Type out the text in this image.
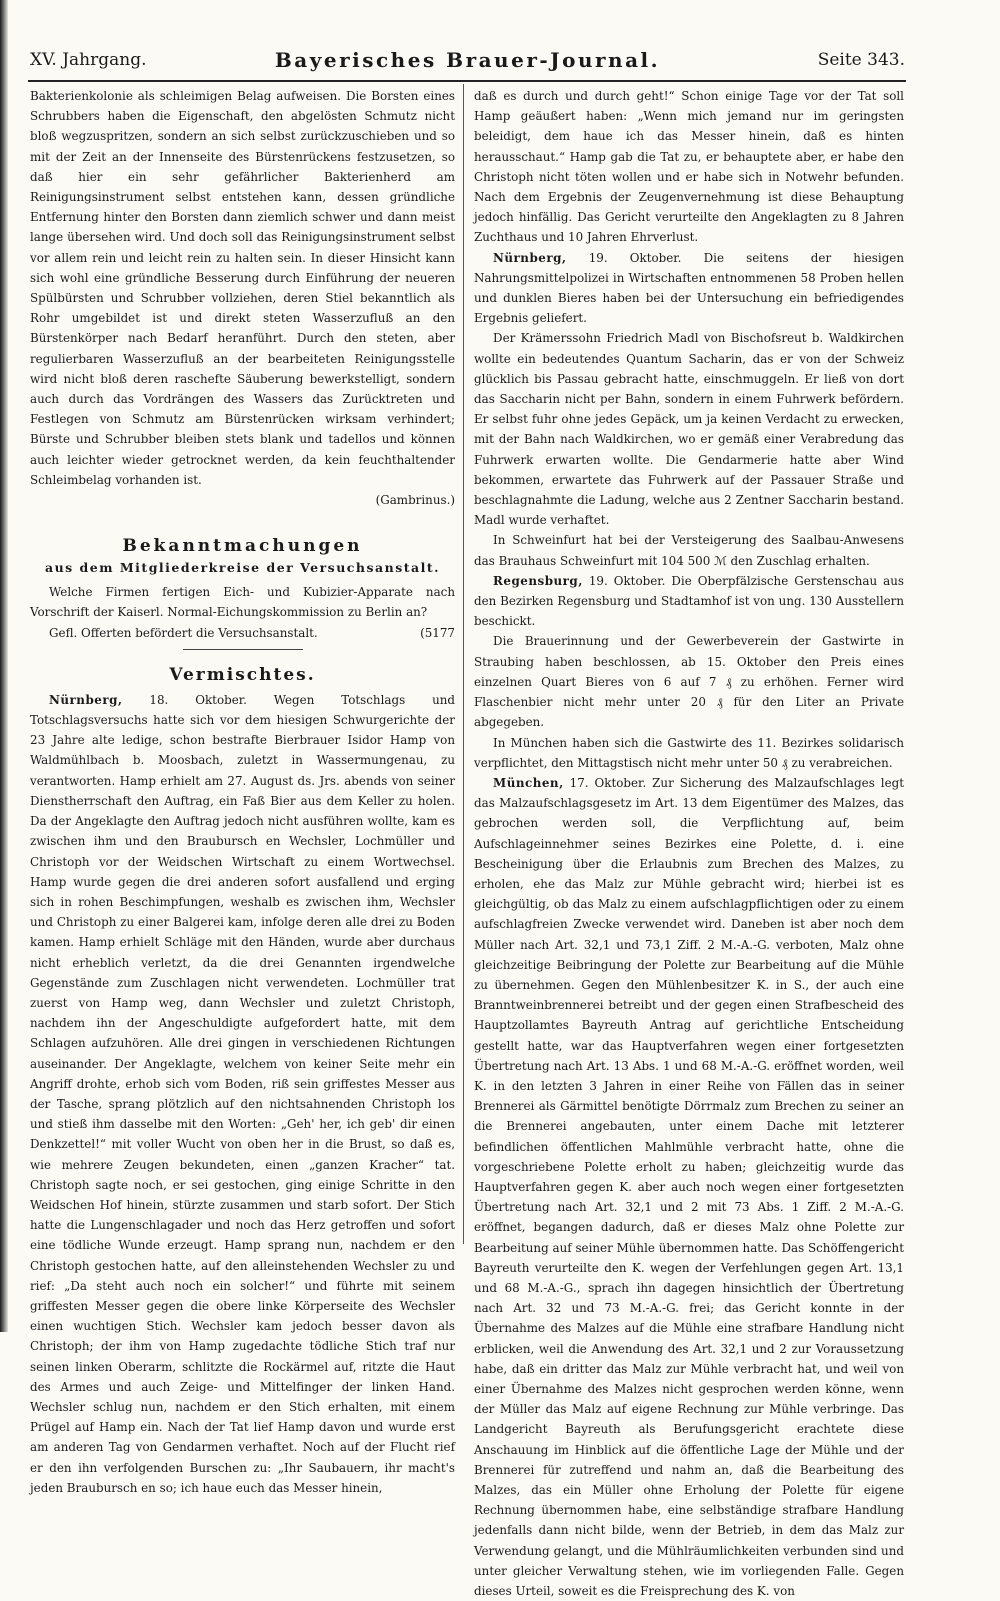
XV. Jahrgang.	Bayerisches Brauer-Journal.	Seite 343.

Bakterienkolonie als schleimigen Belag aufweisen. Die Borsten eines Schrubbers haben die Eigenschaft, den abgelösten Schmutz nicht bloß wegzuspritzen, sondern an sich selbst zurückzuschieben und so mit der Zeit an der Innenseite des Bürstenrückens festzusetzen, so daß hier ein sehr gefährlicher Bakterienherd am Reinigungsinstrument selbst entstehen kann, dessen gründliche Entfernung hinter den Borsten dann ziemlich schwer und dann meist lange übersehen wird. Und doch soll das Reinigungsinstrument selbst vor allem rein und leicht rein zu halten sein. In dieser Hinsicht kann sich wohl eine gründliche Besserung durch Einführung der neueren Spülbürsten und Schrubber vollziehen, deren Stiel bekanntlich als Rohr umgebildet ist und direkt steten Wasserzufluß an den Bürstenkörper nach Bedarf heranführt. Durch den steten, aber regulierbaren Wasserzufluß an der bearbeiteten Reinigungsstelle wird nicht bloß deren raschefte Säuberung bewerkstelligt, sondern auch durch das Vordrängen des Wassers das Zurücktreten und Festlegen von Schmutz am Bürstenrücken wirksam verhindert; Bürste und Schrubber bleiben stets blank und tadellos und können auch leichter wieder getrocknet werden, da kein feuchthaltender Schleimbelag vorhanden ist.
(Gambrinus.)

Bekanntmachungen
aus dem Mitgliederkreise der Versuchsanstalt.

Welche Firmen fertigen Eich- und Kubizier-Apparate nach Vorschrift der Kaiserl. Normal-Eichungskommission zu Berlin an?

Gefl. Offerten befördert die Versuchsanstalt.	(5177

Vermischtes.

Nürnberg, 18. Oktober. Wegen Totschlags und Totschlagsversuchs hatte sich vor dem hiesigen Schwurgerichte der 23 Jahre alte ledige, schon bestrafte Bierbrauer Isidor Hamp von Waldmühlbach b. Moosbach, zuletzt in Wassermungenau, zu verantworten. Hamp erhielt am 27. August ds. Jrs. abends von seiner Dienstherrschaft den Auftrag, ein Faß Bier aus dem Keller zu holen. Da der Angeklagte den Auftrag jedoch nicht ausführen wollte, kam es zwischen ihm und den Braubursch en Wechsler, Lochmüller und Christoph vor der Weidschen Wirtschaft zu einem Wortwechsel. Hamp wurde gegen die drei anderen sofort ausfallend und erging sich in rohen Beschimpfungen, weshalb es zwischen ihm, Wechsler und Christoph zu einer Balgerei kam, infolge deren alle drei zu Boden kamen. Hamp erhielt Schläge mit den Händen, wurde aber durchaus nicht erheblich verletzt, da die drei Genannten irgendwelche Gegenstände zum Zuschlagen nicht verwendeten. Lochmüller trat zuerst von Hamp weg, dann Wechsler und zuletzt Christoph, nachdem ihn der Angeschuldigte aufgefordert hatte, mit dem Schlagen aufzuhören. Alle drei gingen in verschiedenen Richtungen auseinander. Der Angeklagte, welchem von keiner Seite mehr ein Angriff drohte, erhob sich vom Boden, riß sein griffestes Messer aus der Tasche, sprang plötzlich auf den nichtsahnenden Christoph los und stieß ihm dasselbe mit den Worten: „Geh' her, ich geb' dir einen Denkzettel!“ mit voller Wucht von oben her in die Brust, so daß es, wie mehrere Zeugen bekundeten, einen „ganzen Kracher“ tat. Christoph sagte noch, er sei gestochen, ging einige Schritte in den Weidschen Hof hinein, stürzte zusammen und starb sofort. Der Stich hatte die Lungenschlagader und noch das Herz getroffen und sofort eine tödliche Wunde erzeugt. Hamp sprang nun, nachdem er den Christoph gestochen hatte, auf den alleinstehenden Wechsler zu und rief: „Da steht auch noch ein solcher!“ und führte mit seinem griffesten Messer gegen die obere linke Körperseite des Wechsler einen wuchtigen Stich. Wechsler kam jedoch besser davon als Christoph; der ihm von Hamp zugedachte tödliche Stich traf nur seinen linken Oberarm, schlitzte die Rockärmel auf, ritzte die Haut des Armes und auch Zeige- und Mittelfinger der linken Hand. Wechsler schlug nun, nachdem er den Stich erhalten, mit einem Prügel auf Hamp ein. Nach der Tat lief Hamp davon und wurde erst am anderen Tag von Gendarmen verhaftet. Noch auf der Flucht rief er den ihn verfolgenden Burschen zu: „Ihr Saubauern, ihr macht's jeden Braubursch en so; ich haue euch das Messer hinein,

daß es durch und durch geht!“ Schon einige Tage vor der Tat soll Hamp geäußert haben: „Wenn mich jemand nur im geringsten beleidigt, dem haue ich das Messer hinein, daß es hinten herausschaut.“ Hamp gab die Tat zu, er behauptete aber, er habe den Christoph nicht töten wollen und er habe sich in Notwehr befunden. Nach dem Ergebnis der Zeugenvernehmung ist diese Behauptung jedoch hinfällig. Das Gericht verurteilte den Angeklagten zu 8 Jahren Zuchthaus und 10 Jahren Ehrverlust.

Nürnberg, 19. Oktober. Die seitens der hiesigen Nahrungsmittelpolizei in Wirtschaften entnommenen 58 Proben hellen und dunklen Bieres haben bei der Untersuchung ein befriedigendes Ergebnis geliefert.

Der Krämerssohn Friedrich Madl von Bischofsreut b. Waldkirchen wollte ein bedeutendes Quantum Sacharin, das er von der Schweiz glücklich bis Passau gebracht hatte, einschmuggeln. Er ließ von dort das Saccharin nicht per Bahn, sondern in einem Fuhrwerk befördern. Er selbst fuhr ohne jedes Gepäck, um ja keinen Verdacht zu erwecken, mit der Bahn nach Waldkirchen, wo er gemäß einer Verabredung das Fuhrwerk erwarten wollte. Die Gendarmerie hatte aber Wind bekommen, erwartete das Fuhrwerk auf der Passauer Straße und beschlagnahmte die Ladung, welche aus 2 Zentner Saccharin bestand. Madl wurde verhaftet.

In Schweinfurt hat bei der Versteigerung des Saalbau-Anwesens das Brauhaus Schweinfurt mit 104 500 ℳ den Zuschlag erhalten.

Regensburg, 19. Oktober. Die Oberpfälzische Gerstenschau aus den Bezirken Regensburg und Stadtamhof ist von ung. 130 Ausstellern beschickt.

Die Brauerinnung und der Gewerbeverein der Gastwirte in Straubing haben beschlossen, ab 15. Oktober den Preis eines einzelnen Quart Bieres von 6 auf 7 ₰ zu erhöhen. Ferner wird Flaschenbier nicht mehr unter 20 ₰ für den Liter an Private abgegeben.

In München haben sich die Gastwirte des 11. Bezirkes solidarisch verpflichtet, den Mittagstisch nicht mehr unter 50 ₰ zu verabreichen.

München, 17. Oktober. Zur Sicherung des Malzaufschlages legt das Malzaufschlagsgesetz im Art. 13 dem Eigentümer des Malzes, das gebrochen werden soll, die Verpflichtung auf, beim Aufschlageinnehmer seines Bezirkes eine Polette, d. i. eine Bescheinigung über die Erlaubnis zum Brechen des Malzes, zu erholen, ehe das Malz zur Mühle gebracht wird; hierbei ist es gleichgültig, ob das Malz zu einem aufschlagpflichtigen oder zu einem aufschlagfreien Zwecke verwendet wird. Daneben ist aber noch dem Müller nach Art. 32,1 und 73,1 Ziff. 2 M.-A.-G. verboten, Malz ohne gleichzeitige Beibringung der Polette zur Bearbeitung auf die Mühle zu übernehmen. Gegen den Mühlenbesitzer K. in S., der auch eine Branntweinbrennerei betreibt und der gegen einen Strafbescheid des Hauptzollamtes Bayreuth Antrag auf gerichtliche Entscheidung gestellt hatte, war das Hauptverfahren wegen einer fortgesetzten Übertretung nach Art. 13 Abs. 1 und 68 M.-A.-G. eröffnet worden, weil K. in den letzten 3 Jahren in einer Reihe von Fällen das in seiner Brennerei als Gärmittel benötigte Dörrmalz zum Brechen zu seiner an die Brennerei angebauten, unter einem Dache mit letzterer befindlichen öffentlichen Mahlmühle verbracht hatte, ohne die vorgeschriebene Polette erholt zu haben; gleichzeitig wurde das Hauptverfahren gegen K. aber auch noch wegen einer fortgesetzten Übertretung nach Art. 32,1 und 2 mit 73 Abs. 1 Ziff. 2 M.-A.-G. eröffnet, begangen dadurch, daß er dieses Malz ohne Polette zur Bearbeitung auf seiner Mühle übernommen hatte. Das Schöffengericht Bayreuth verurteilte den K. wegen der Verfehlungen gegen Art. 13,1 und 68 M.-A.-G., sprach ihn dagegen hinsichtlich der Übertretung nach Art. 32 und 73 M.-A.-G. frei; das Gericht konnte in der Übernahme des Malzes auf die Mühle eine strafbare Handlung nicht erblicken, weil die Anwendung des Art. 32,1 und 2 zur Voraussetzung habe, daß ein dritter das Malz zur Mühle verbracht hat, und weil von einer Übernahme des Malzes nicht gesprochen werden könne, wenn der Müller das Malz auf eigene Rechnung zur Mühle verbringe. Das Landgericht Bayreuth als Berufungsgericht erachtete diese Anschauung im Hinblick auf die öffentliche Lage der Mühle und der Brennerei für zutreffend und nahm an, daß die Bearbeitung des Malzes, das ein Müller ohne Erholung der Polette für eigene Rechnung übernommen habe, eine selbständige strafbare Handlung jedenfalls dann nicht bilde, wenn der Betrieb, in dem das Malz zur Verwendung gelangt, und die Mühlräumlichkeiten verbunden sind und unter gleicher Verwaltung stehen, wie im vorliegenden Falle. Gegen dieses Urteil, soweit es die Freisprechung des K. von
